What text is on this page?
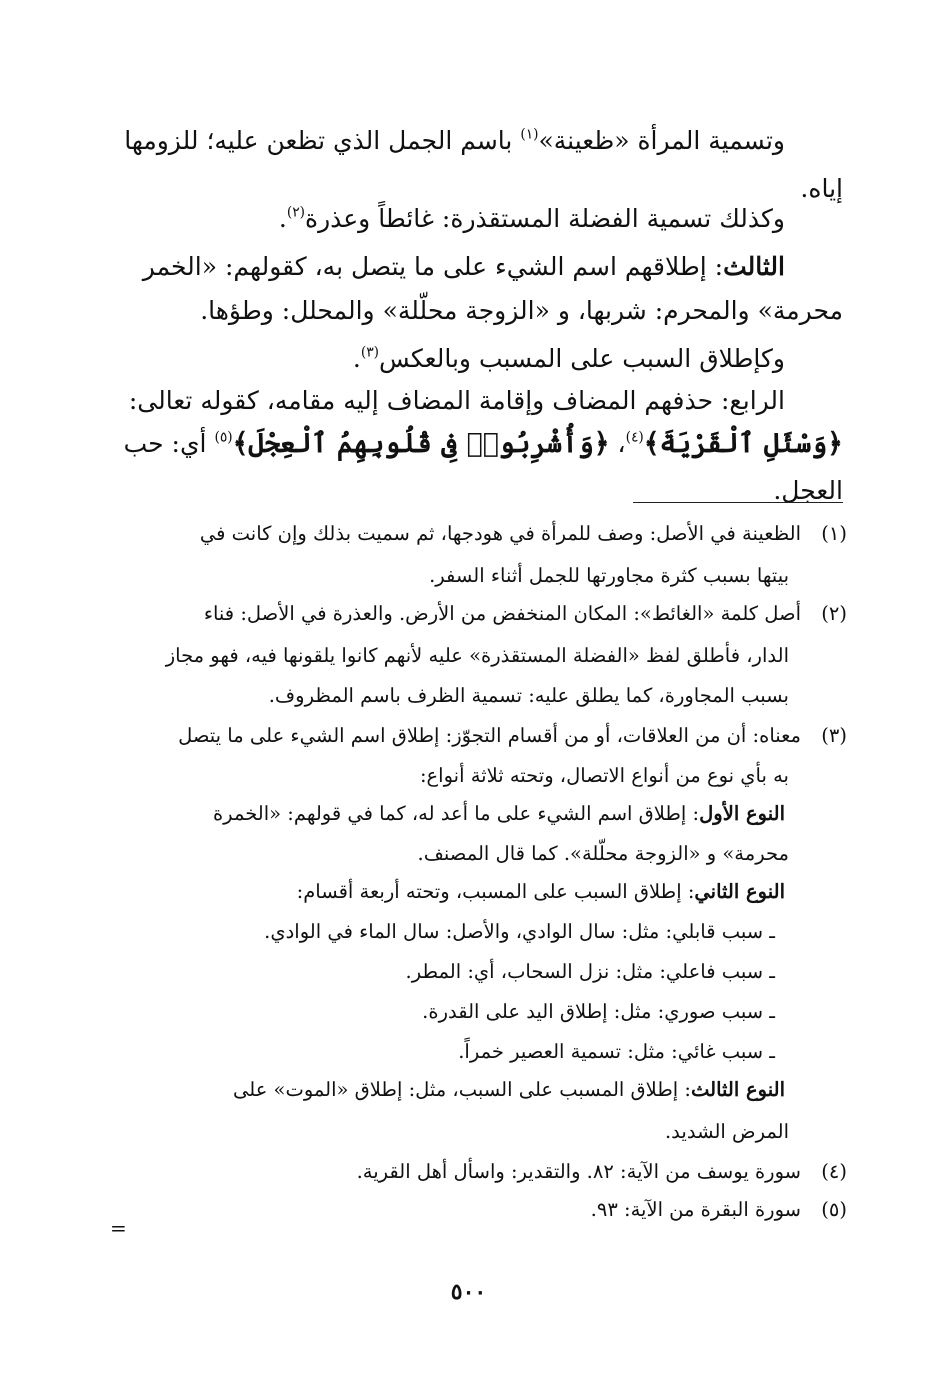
وتسمية المرأة «ظعينة»$^{(١)}$ باسم الجمل الذي تظعن عليه؛ للزومها

إياه.

وكذلك تسمية الفضلة المستقذرة: غائطاً وعذرة$^{(٢)}$.

الثالث: إطلاقهم اسم الشيء على ما يتصل به، كقولهم: «الخمر

محرمة» والمحرم: شربها، و «الزوجة محلّلة» والمحلل: وطؤها.

وكإطلاق السبب على المسبب وبالعكس$^{(٣)}$.

الرابع: حذفهم المضاف وإقامة المضاف إليه مقامه، كقوله تعالى:

﴿وَسْئَلِ ٱلْقَرْيَةَ﴾$^{(٤)}$، ﴿وَأُشْرِبُوا۟ فِى قُلُوبِهِمُ ٱلْعِجْلَ﴾$^{(٥)}$ أي: حب

العجل.

(١)الظعينة في الأصل: وصف للمرأة في هودجها، ثم سميت بذلك وإن كانت في

بيتها بسبب كثرة مجاورتها للجمل أثناء السفر.

(٢)أصل كلمة «الغائط»: المكان المنخفض من الأرض. والعذرة في الأصل: فناء

الدار، فأطلق لفظ «الفضلة المستقذرة» عليه لأنهم كانوا يلقونها فيه، فهو مجاز

بسبب المجاورة، كما يطلق عليه: تسمية الظرف باسم المظروف.

(٣)معناه: أن من العلاقات، أو من أقسام التجوّز: إطلاق اسم الشيء على ما يتصل

به بأي نوع من أنواع الاتصال، وتحته ثلاثة أنواع:

النوع الأول: إطلاق اسم الشيء على ما أعد له، كما في قولهم: «الخمرة

محرمة» و «الزوجة محلّلة». كما قال المصنف.

النوع الثاني: إطلاق السبب على المسبب، وتحته أربعة أقسام:

ـ سبب قابلي: مثل: سال الوادي، والأصل: سال الماء في الوادي.

ـ سبب فاعلي: مثل: نزل السحاب، أي: المطر.

ـ سبب صوري: مثل: إطلاق اليد على القدرة.

ـ سبب غائي: مثل: تسمية العصير خمراً.

النوع الثالث: إطلاق المسبب على السبب، مثل: إطلاق «الموت» على

المرض الشديد.

(٤)سورة يوسف من الآية: ٨٢. والتقدير: واسأل أهل القرية.

(٥)سورة البقرة من الآية: ٩٣.

=
٥٠٠
